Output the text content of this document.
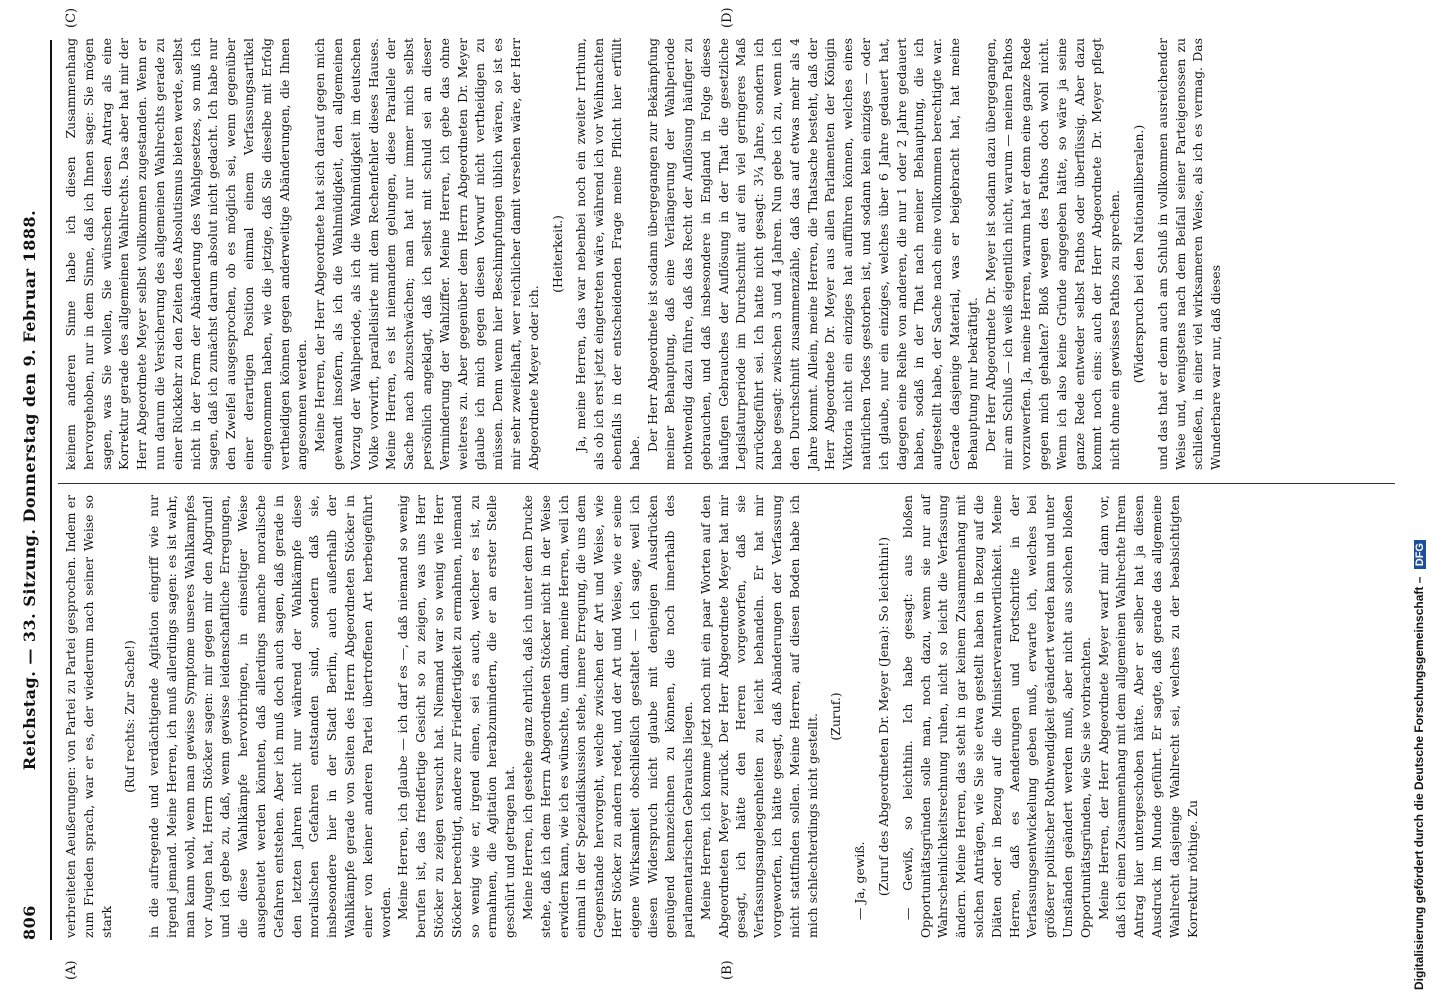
806
Reichstag. — 33. Sitzung. Donnerstag den 9. Februar 1888.
(A)	(B)
(C)	(D)

verbreiteten Aeußerungen: von Partei zu Partei gesprochen. Indem er zum Frieden sprach, war er es, der wiederum nach seiner Weise so stark

(Ruf rechts: Zur Sache!) in die aufregende und verdächtigende Agitation eingriff wie nur irgend jemand. Meine Herren, ich muß allerdings sagen: es ist wahr, man kann wohl, wenn man gewisse Symptome unseres Wahlkampfes vor Augen hat, Herrn Stöcker sagen: mir gegen mir den Abgrund! und ich gebe zu, daß, wenn gewisse leidenschaftliche Erregungen, die diese Wahlkämpfe hervorbringen, in einseitiger Weise ausgebeutet werden könnten, daß allerdings manche moralische Gefahren entstehen. Aber ich muß doch auch sagen, daß gerade in den letzten Jahren nicht nur während der Wahlkämpfe diese moralischen Gefahren entstanden sind, sondern daß sie, insbesondere hier in der Stadt Berlin, auch außerhalb der Wahlkämpfe gerade von Seiten des Herrn Abgeordneten Stöcker in einer von keiner anderen Partei übertroffenen Art herbeigeführt worden. Meine Herren, ich glaube — ich darf es —, daß niemand so wenig berufen ist, das friedfertige Gesicht so zu zeigen, was uns Herr Stöcker zu zeigen versucht hat. Niemand war so wenig wie Herr Stöcker berechtigt, andere zur Friedfertigkeit zu ermahnen, niemand so wenig wie er, irgend einen, sei es auch, welcher es ist, zu ermahnen, die Agitation herabzumindern, die er an erster Stelle geschürt und getragen hat. Meine Herren, ich gestehe ganz ehrlich, daß ich unter dem Drucke stehe, daß ich dem Herrn Abgeordneten Stöcker nicht in der Weise erwidern kann, wie ich es wünschte, um dann, meine Herren, weil ich einmal in der Spezialdiskussion stehe, innere Erregung, die uns dem Gegenstande hervorgeht, welche zwischen der Art und Weise, wie Herr Stöcker zu andern redet, und der Art und Weise, wie er seine eigene Wirksamkeit obschließlich gestaltet — ich sage, weil ich diesen Widerspruch nicht glaube mit denjenigen Ausdrücken genügend kennzeichnen zu können, die noch innerhalb des parlamentarischen Gebrauchs liegen. Meine Herren, ich komme jetzt noch mit ein paar Worten auf den Abgeordneten Meyer zurück. Der Herr Abgeordnete Meyer hat mir gesagt, ich hätte den Herren vorgeworfen, daß sie Verfassungsangelegenheiten zu leicht behandeln. Er hat mir vorgeworfen, ich hätte gesagt, daß Abänderungen der Verfassung nicht stattfinden sollen. Meine Herren, auf diesen Boden habe ich mich schlechterdings nicht gestellt. (Zuruf.)

— Ja, gewiß. (Zuruf des Abgeordneten Dr. Meyer (Jena): So leichthin!) — Gewiß, so leichthin. Ich habe gesagt: aus bloßen Opportunitätsgründen solle man, noch dazu, wenn sie nur auf Wahrscheinlichkeitsrechnung ruhen, nicht so leicht die Verfassung ändern. Meine Herren, das steht in gar keinem Zusammenhang mit solchen Anträgen, wie Sie sie etwa gestellt haben in Bezug auf die Diäten oder in Bezug auf die Ministerverantwortlichkeit. Meine Herren, daß es Aenderungen und Fortschritte in der Verfassungsentwickelung geben muß, erwarte ich, welches bei größerer politischer Rothwendigkeit geändert werden kann und unter Umständen geändert werden muß, aber nicht aus solchen bloßen Opportunitätsgründen, wie Sie sie vorbrachten. Meine Herren, der Herr Abgeordnete Meyer warf mir dann vor, daß ich einen Zusammenhang mit dem allgemeinen Wahlrechte Ihrem Antrag hier untergeschoben hätte. Aber er selber hat ja diesen Ausdruck im Munde geführt. Er sagte, daß gerade das allgemeine Wahlrecht dasjenige Wahlrecht sei, welches zu der beabsichtigten Korrektur nöthige. Zu

keinem anderen Sinne habe ich diesen Zusammenhang hervorgehoben, nur in dem Sinne, daß ich Ihnen sage: Sie mögen sagen, was Sie wollen, Sie wünschen diesen Antrag als eine Korrektur gerade des allgemeinen Wahlrechts. Das aber hat mir der Herr Abgeordnete Meyer selbst vollkommen zugestanden. Wenn er nun darum die Versicherung des allgemeinen Wahlrechts gerade zu einer Rückkehr zu den Zeiten des Absolutismus bieten werde, selbst nicht in der Form der Abänderung des Wahlgesetzes, so muß ich sagen, daß ich zunächst darum absolut nicht gedacht. Ich habe nur den Zweifel ausgesprochen, ob es möglich sei, wenn gegenüber einer derartigen Position einmal einem Verfassungsartikel eingenommen haben, wie die jetzige, daß Sie dieselbe mit Erfolg vertheidigen können gegen anderweitige Abänderungen, die Ihnen angesonnen werden. Meine Herren, der Herr Abgeordnete hat sich darauf gegen mich gewandt insofern, als ich die Wahlmüdigkeit, den allgemeinen Vorzug der Wahlperiode, als ich die Wahlmüdigkeit im deutschen Volke vorwirft, parallelisirte mit dem Rechenfehler dieses Hauses. Meine Herren, es ist niemandem gelungen, diese Parallele der Sache nach abzuschwächen; man hat nur immer mich selbst persönlich angeklagt, daß ich selbst mit schuld sei an dieser Verminderung der Wahlziffer. Meine Herren, ich gebe das ohne weiteres zu. Aber gegenüber dem Herrn Abgeordneten Dr. Meyer glaube ich mich gegen diesen Vorwurf nicht vertheidigen zu müssen. Denn wenn hier Beschimpfungen üblich wären, so ist es mir sehr zweifelhaft, wer reichlicher damit versehen wäre, der Herr Abgeordnete Meyer oder ich.

(Heiterkeit.) Ja, meine Herren, das war nebenbei noch ein zweiter Irrthum, als ob ich erst jetzt eingetreten wäre, während ich vor Weihnachten ebenfalls in der entscheidenden Frage meine Pflicht hier erfüllt habe.

Der Herr Abgeordnete ist sodann übergegangen zur Bekämpfung meiner Behauptung, daß eine Verlängerung der Wahlperiode nothwendig dazu führe, daß das Recht der Auflösung häufiger zu gebrauchen, und daß insbesondere in England in Folge dieses häufigen Gebrauches der Auflösung in der That die gesetzliche Legislaturperiode im Durchschnitt auf ein viel geringeres Maß zurückgeführt sei. Ich hatte nicht gesagt: 3¼ Jahre, sondern ich habe gesagt: zwischen 3 und 4 Jahren. Nun gebe ich zu, wenn ich den Durchschnitt zusammenzähle, daß das auf etwas mehr als 4 Jahre kommt. Allein, meine Herren, die Thatsache besteht, daß der Herr Abgeordnete Dr. Meyer aus allen Parlamenten der Königin Viktoria nicht ein einziges hat aufführen können, welches eines natürlichen Todes gestorben ist, und sodann kein einziges — oder ich glaube, nur ein einziges, welches über 6 Jahre gedauert hat, dagegen eine Reihe von anderen, die nur 1 oder 2 Jahre gedauert haben, sodaß in der That nach meiner Behauptung, die ich aufgestellt habe, der Sache nach eine vollkommen berechtigte war. Gerade dasjenige Material, was er beigebracht hat, hat meine Behauptung nur bekräftigt. Der Herr Abgeordnete Dr. Meyer ist sodann dazu übergegangen, mir am Schluß — ich weiß eigentlich nicht, warum — meinen Pathos vorzuwerfen. Ja, meine Herren, warum hat er denn eine ganze Rede gegen mich gehalten? Bloß wegen des Pathos doch wohl nicht. Wenn ich also keine Gründe angegeben hätte, so wäre ja seine ganze Rede entweder selbst Pathos oder überflüssig. Aber dazu kommt noch eins: auch der Herr Abgeordnete Dr. Meyer pflegt nicht ohne ein gewisses Pathos zu sprechen. (Widerspruch bei den Nationalliberalen.) und das that er denn auch am Schluß in vollkommen ausreichender Weise und, wenigstens nach dem Beifall seiner Parteigenossen zu schließen, in einer viel wirksameren Weise, als ich es vermag. Das Wunderbare war nur, daß dieses

Digitalisierung gefördert durch die Deutsche Forschungsgemeinschaft – DFG
